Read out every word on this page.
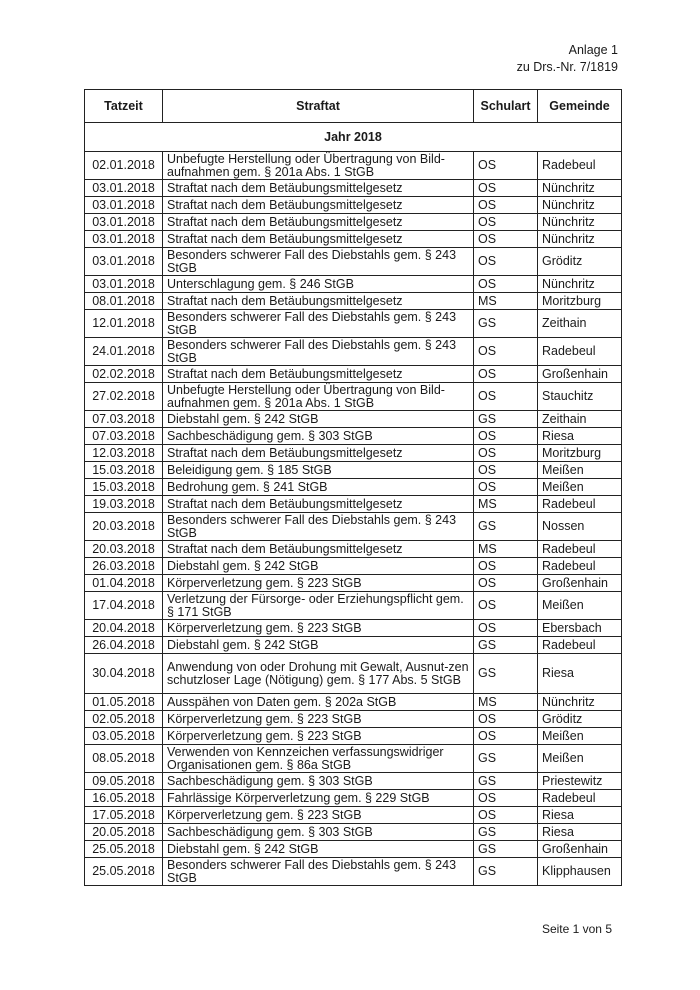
Anlage 1
zu Drs.-Nr. 7/1819
Tatzeit	Straftat	Schulart	Gemeinde
Jahr 2018			
02.01.2018	Unbefugte Herstellung oder Übertragung von Bild-aufnahmen gem. § 201a Abs. 1 StGB	OS	Radebeul
03.01.2018	Straftat nach dem Betäubungsmittelgesetz	OS	Nünchritz
03.01.2018	Straftat nach dem Betäubungsmittelgesetz	OS	Nünchritz
03.01.2018	Straftat nach dem Betäubungsmittelgesetz	OS	Nünchritz
03.01.2018	Straftat nach dem Betäubungsmittelgesetz	OS	Nünchritz
03.01.2018	Besonders schwerer Fall des Diebstahls gem. § 243 StGB	OS	Gröditz
03.01.2018	Unterschlagung gem. § 246 StGB	OS	Nünchritz
08.01.2018	Straftat nach dem Betäubungsmittelgesetz	MS	Moritzburg
12.01.2018	Besonders schwerer Fall des Diebstahls gem. § 243 StGB	GS	Zeithain
24.01.2018	Besonders schwerer Fall des Diebstahls gem. § 243 StGB	OS	Radebeul
02.02.2018	Straftat nach dem Betäubungsmittelgesetz	OS	Großenhain
27.02.2018	Unbefugte Herstellung oder Übertragung von Bild-aufnahmen gem. § 201a Abs. 1 StGB	OS	Stauchitz
07.03.2018	Diebstahl gem. § 242 StGB	GS	Zeithain
07.03.2018	Sachbeschädigung gem. § 303 StGB	OS	Riesa
12.03.2018	Straftat nach dem Betäubungsmittelgesetz	OS	Moritzburg
15.03.2018	Beleidigung gem. § 185 StGB	OS	Meißen
15.03.2018	Bedrohung gem. § 241 StGB	OS	Meißen
19.03.2018	Straftat nach dem Betäubungsmittelgesetz	MS	Radebeul
20.03.2018	Besonders schwerer Fall des Diebstahls gem. § 243 StGB	GS	Nossen
20.03.2018	Straftat nach dem Betäubungsmittelgesetz	MS	Radebeul
26.03.2018	Diebstahl gem. § 242 StGB	OS	Radebeul
01.04.2018	Körperverletzung gem. § 223 StGB	OS	Großenhain
17.04.2018	Verletzung der Fürsorge- oder Erziehungspflicht gem. § 171 StGB	OS	Meißen
20.04.2018	Körperverletzung gem. § 223 StGB	OS	Ebersbach
26.04.2018	Diebstahl gem. § 242 StGB	GS	Radebeul
30.04.2018	Anwendung von oder Drohung mit Gewalt, Ausnut-zen schutzloser Lage (Nötigung) gem. § 177 Abs. 5 StGB	GS	Riesa
01.05.2018	Ausspähen von Daten gem. § 202a StGB	MS	Nünchritz
02.05.2018	Körperverletzung gem. § 223 StGB	OS	Gröditz
03.05.2018	Körperverletzung gem. § 223 StGB	OS	Meißen
08.05.2018	Verwenden von Kennzeichen verfassungswidriger Organisationen gem. § 86a StGB	GS	Meißen
09.05.2018	Sachbeschädigung gem. § 303 StGB	GS	Priestewitz
16.05.2018	Fahrlässige Körperverletzung gem. § 229 StGB	OS	Radebeul
17.05.2018	Körperverletzung gem. § 223 StGB	OS	Riesa
20.05.2018	Sachbeschädigung gem. § 303 StGB	GS	Riesa
25.05.2018	Diebstahl gem. § 242 StGB	GS	Großenhain
25.05.2018	Besonders schwerer Fall des Diebstahls gem. § 243 StGB	GS	Klipphausen
Seite 1 von 5
